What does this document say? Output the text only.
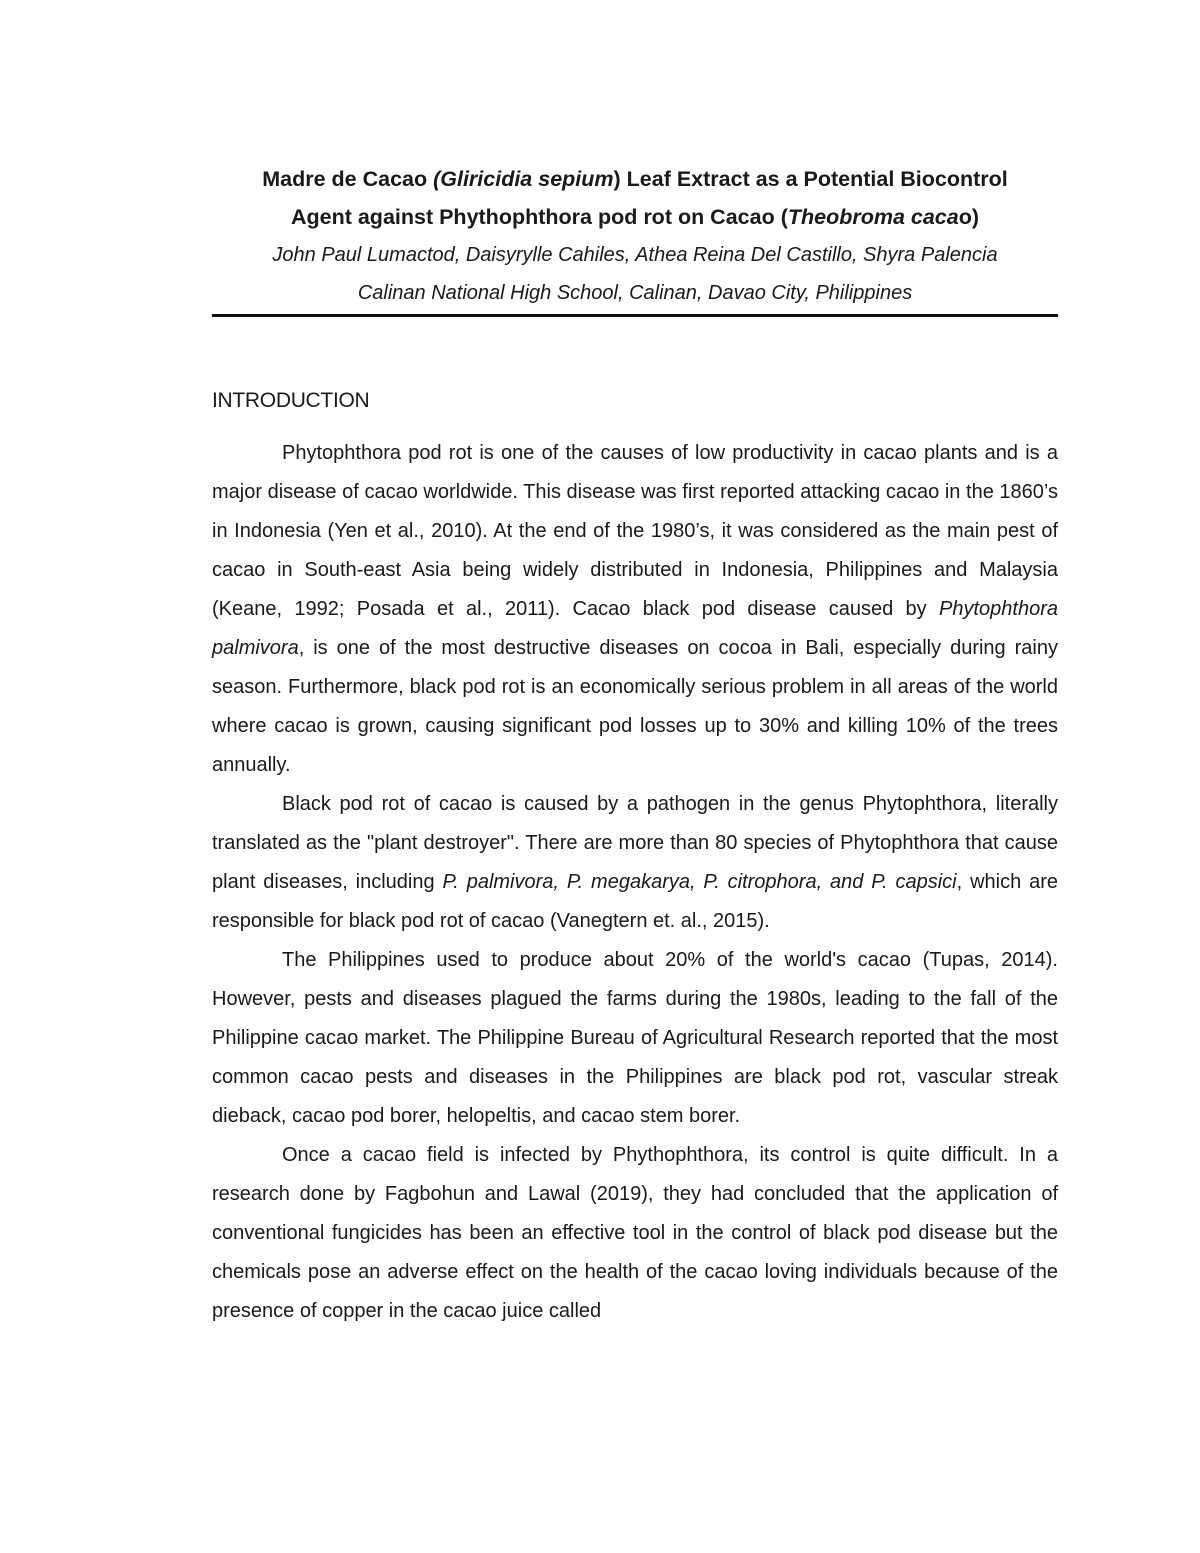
Madre de Cacao (Gliricidia sepium) Leaf Extract as a Potential Biocontrol
Agent against Phythophthora pod rot on Cacao (Theobroma cacao)

John Paul Lumactod, Daisyrylle Cahiles, Athea Reina Del Castillo, Shyra Palencia

Calinan National High School, Calinan, Davao City, Philippines

INTRODUCTION

Phytophthora pod rot is one of the causes of low productivity in cacao plants and is a major disease of cacao worldwide. This disease was first reported attacking cacao in the 1860’s in Indonesia (Yen et al., 2010). At the end of the 1980’s, it was considered as the main pest of cacao in South-east Asia being widely distributed in Indonesia, Philippines and Malaysia (Keane, 1992; Posada et al., 2011). Cacao black pod disease caused by Phytophthora palmivora, is one of the most destructive diseases on cocoa in Bali, especially during rainy season. Furthermore, black pod rot is an economically serious problem in all areas of the world where cacao is grown, causing significant pod losses up to 30% and killing 10% of the trees annually.

Black pod rot of cacao is caused by a pathogen in the genus Phytophthora, literally translated as the "plant destroyer". There are more than 80 species of Phytophthora that cause plant diseases, including P. palmivora, P. megakarya, P. citrophora, and P. capsici, which are responsible for black pod rot of cacao (Vanegtern et. al., 2015).

The Philippines used to produce about 20% of the world's cacao (Tupas, 2014). However, pests and diseases plagued the farms during the 1980s, leading to the fall of the Philippine cacao market. The Philippine Bureau of Agricultural Research reported that the most common cacao pests and diseases in the Philippines are black pod rot, vascular streak dieback, cacao pod borer, helopeltis, and cacao stem borer.

Once a cacao field is infected by Phythophthora, its control is quite difficult. In a research done by Fagbohun and Lawal (2019), they had concluded that the application of conventional fungicides has been an effective tool in the control of black pod disease but the chemicals pose an adverse effect on the health of the cacao loving individuals because of the presence of copper in the cacao juice called
